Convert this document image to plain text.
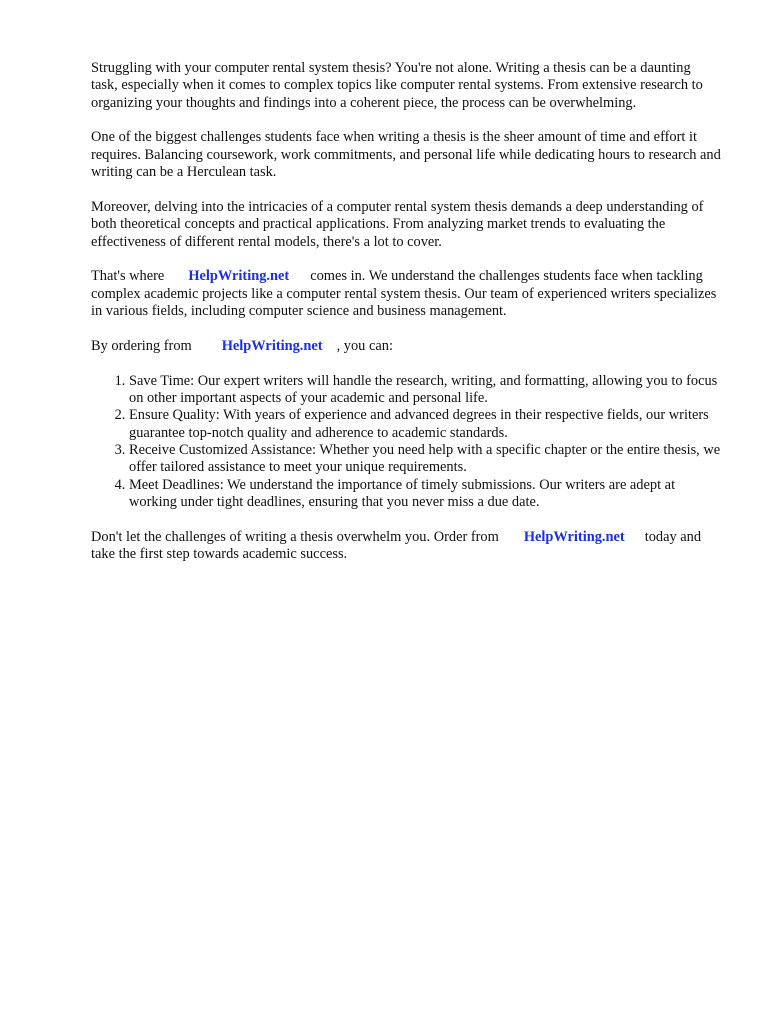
Struggling with your computer rental system thesis? You're not alone. Writing a thesis can be a daunting task, especially when it comes to complex topics like computer rental systems. From extensive research to organizing your thoughts and findings into a coherent piece, the process can be overwhelming.

One of the biggest challenges students face when writing a thesis is the sheer amount of time and effort it requires. Balancing coursework, work commitments, and personal life while dedicating hours to research and writing can be a Herculean task.

Moreover, delving into the intricacies of a computer rental system thesis demands a deep understanding of both theoretical concepts and practical applications. From analyzing market trends to evaluating the effectiveness of different rental models, there's a lot to cover.

That's where HelpWriting.net comes in. We understand the challenges students face when tackling complex academic projects like a computer rental system thesis. Our team of experienced writers specializes in various fields, including computer science and business management.

By ordering from HelpWriting.net , you can:

1. Save Time: Our expert writers will handle the research, writing, and formatting, allowing you to focus on other important aspects of your academic and personal life.
2. Ensure Quality: With years of experience and advanced degrees in their respective fields, our writers guarantee top-notch quality and adherence to academic standards.
3. Receive Customized Assistance: Whether you need help with a specific chapter or the entire thesis, we offer tailored assistance to meet your unique requirements.
4. Meet Deadlines: We understand the importance of timely submissions. Our writers are adept at working under tight deadlines, ensuring that you never miss a due date.

Don't let the challenges of writing a thesis overwhelm you. Order from HelpWriting.net today and take the first step towards academic success.
